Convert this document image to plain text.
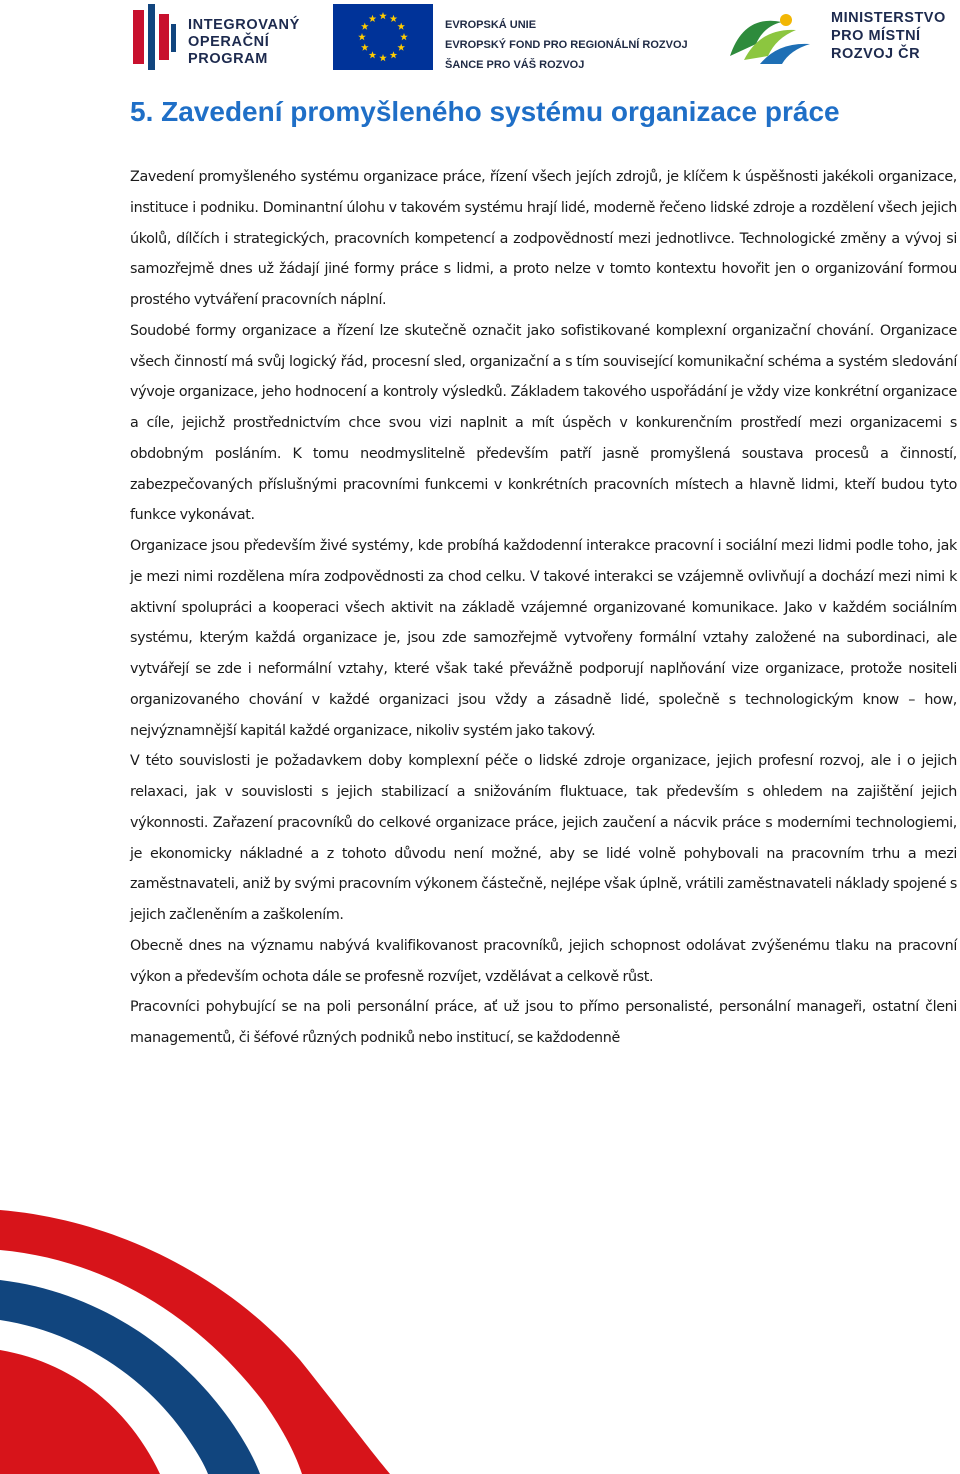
INTEGROVANÝ
OPERAČNÍ
PROGRAM
EVROPSKÁ UNIE
EVROPSKÝ FOND PRO REGIONÁLNÍ ROZVOJ
ŠANCE PRO VÁŠ ROZVOJ
MINISTERSTVO
PRO MÍSTNÍ
ROZVOJ ČR
5. Zavedení promyšleného systému organizace práce

Zavedení promyšleného systému organizace práce, řízení všech jejích zdrojů, je klíčem k úspěšnosti jakékoli organizace, instituce i podniku. Dominantní úlohu v takovém systému hrají lidé, moderně řečeno lidské zdroje a rozdělení všech jejich úkolů, dílčích i strategických, pracovních kompetencí a zodpovědností mezi jednotlivce. Technologické změny a vývoj si samozřejmě dnes už žádají jiné formy práce s lidmi, a proto nelze v tomto kontextu hovořit jen o organizování formou prostého vytváření pracovních náplní.

Soudobé formy organizace a řízení lze skutečně označit jako sofistikované komplexní organizační chování. Organizace všech činností má svůj logický řád, procesní sled, organizační a s tím související komunikační schéma a systém sledování vývoje organizace, jeho hodnocení a kontroly výsledků. Základem takového uspořádání je vždy vize konkrétní organizace a cíle, jejichž prostřednictvím chce svou vizi naplnit a mít úspěch v konkurenčním prostředí mezi organizacemi s obdobným posláním. K tomu neodmyslitelně především patří jasně promyšlená soustava procesů a činností, zabezpečovaných příslušnými pracovními funkcemi v konkrétních pracovních místech a hlavně lidmi, kteří budou tyto funkce vykonávat.

Organizace jsou především živé systémy, kde probíhá každodenní interakce pracovní i sociální mezi lidmi podle toho, jak je mezi nimi rozdělena míra zodpovědnosti za chod celku. V takové interakci se vzájemně ovlivňují a dochází mezi nimi k aktivní spolupráci a kooperaci všech aktivit na základě vzájemné organizované komunikace. Jako v každém sociálním systému, kterým každá organizace je, jsou zde samozřejmě vytvořeny formální vztahy založené na subordinaci, ale vytvářejí se zde i neformální vztahy, které však také převážně podporují naplňování vize organizace, protože nositeli organizovaného chování v každé organizaci jsou vždy a zásadně lidé, společně s technologickým know – how, nejvýznamnější kapitál každé organizace, nikoliv systém jako takový.

V této souvislosti je požadavkem doby komplexní péče o lidské zdroje organizace, jejich profesní rozvoj, ale i o jejich relaxaci, jak v souvislosti s jejich stabilizací a snižováním fluktuace, tak především s ohledem na zajištění jejich výkonnosti. Zařazení pracovníků do celkové organizace práce, jejich zaučení a nácvik práce s moderními technologiemi, je ekonomicky nákladné a z tohoto důvodu není možné, aby se lidé volně pohybovali na pracovním trhu a mezi zaměstnavateli, aniž by svými pracovním výkonem částečně, nejlépe však úplně, vrátili zaměstnavateli náklady spojené s jejich začleněním a zaškolením.

Obecně dnes na významu nabývá kvalifikovanost pracovníků, jejich schopnost odolávat zvýšenému tlaku na pracovní výkon a především ochota dále se profesně rozvíjet, vzdělávat a celkově růst.

Pracovníci pohybující se na poli personální práce, ať už jsou to přímo personalisté, personální manageři, ostatní členi managementů, či šéfové různých podniků nebo institucí, se každodenně
